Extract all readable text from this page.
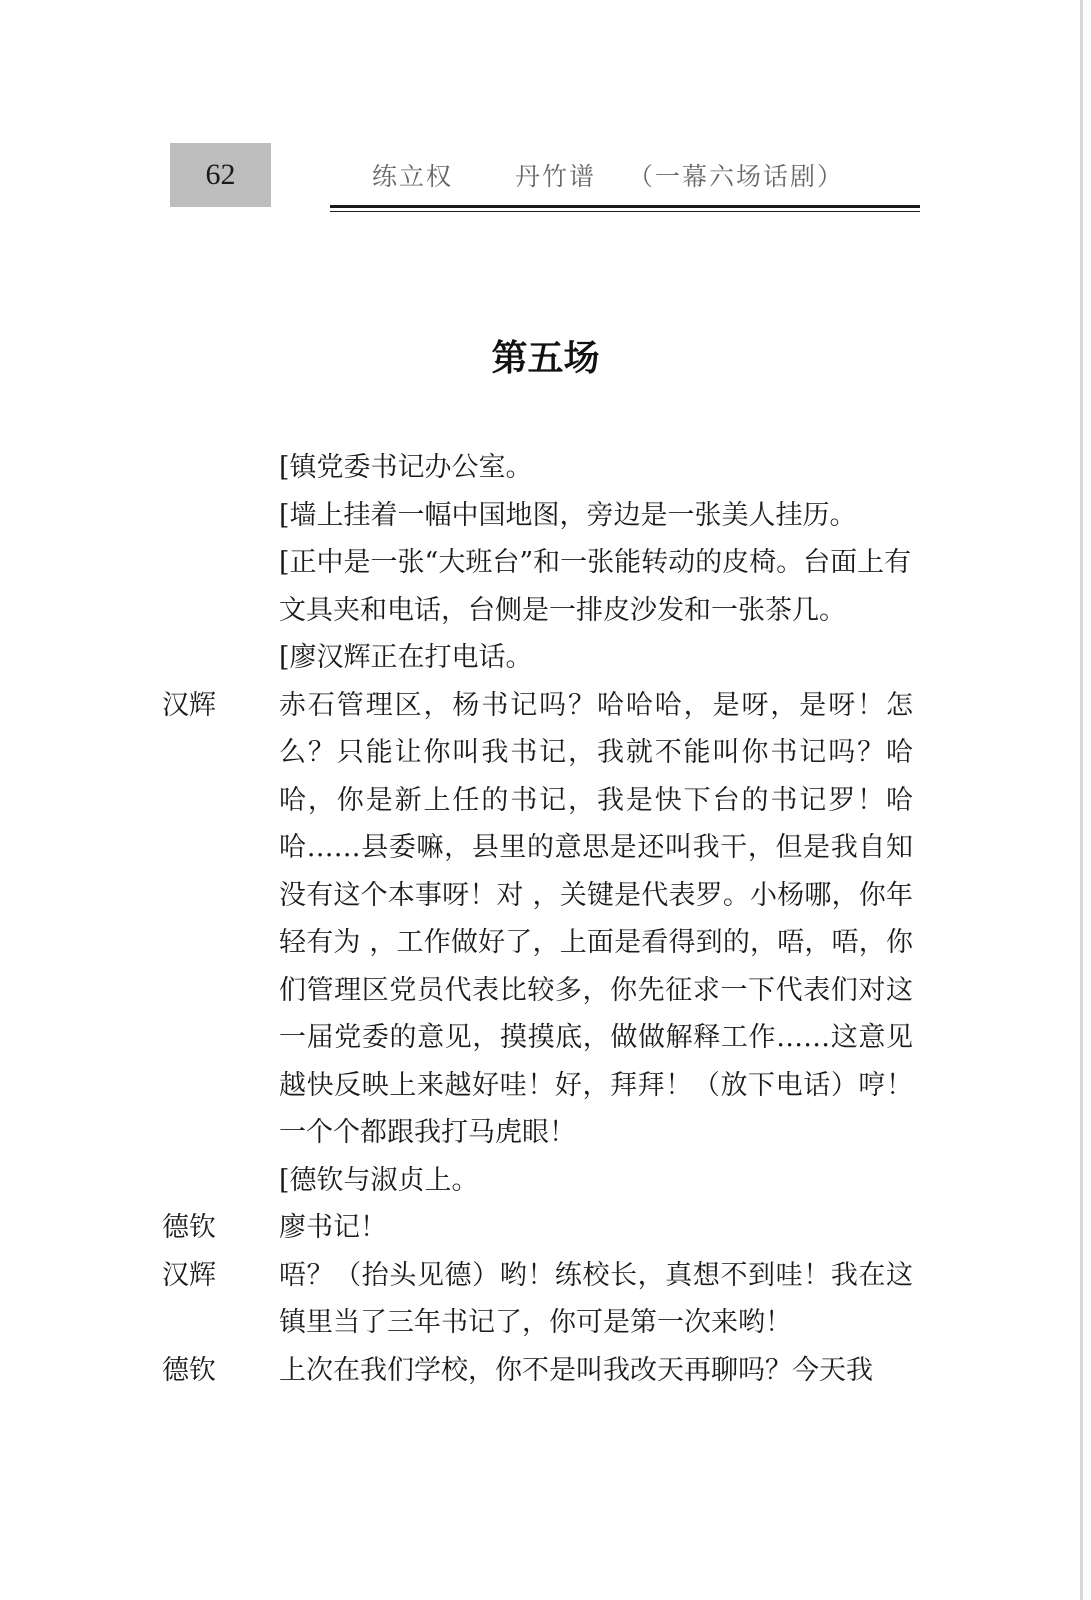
62	练立权 丹竹谱 （一幕六场话剧）
第五场
[镇党委书记办公室。
[墙上挂着一幅中国地图，旁边是一张美人挂历。
[正中是一张“大班台”和一张能转动的皮椅。台面上有文具夹和电话，台侧是一排皮沙发和一张茶几。
[廖汉辉正在打电话。
汉辉	赤石管理区，杨书记吗？哈哈哈，是呀，是呀！怎么？只能让你叫我书记，我就不能叫你书记吗？哈哈，你是新上任的书记，我是快下台的书记罗！哈哈……县委嘛，县里的意思是还叫我干，但是我自知没有这个本事呀！对 ，关键是代表罗。小杨哪，你年轻有为 ，工作做好了，上面是看得到的，唔，唔，你们管理区党员代表比较多，你先征求一下代表们对这一届党委的意见，摸摸底，做做解释工作……这意见越快反映上来越好哇！好，拜拜！（放下电话）哼！一个个都跟我打马虎眼！
[德钦与淑贞上。
德钦	廖书记！
汉辉	唔？（抬头见德）哟！练校长，真想不到哇！我在这镇里当了三年书记了，你可是第一次来哟！
德钦	上次在我们学校，你不是叫我改天再聊吗？今天我
